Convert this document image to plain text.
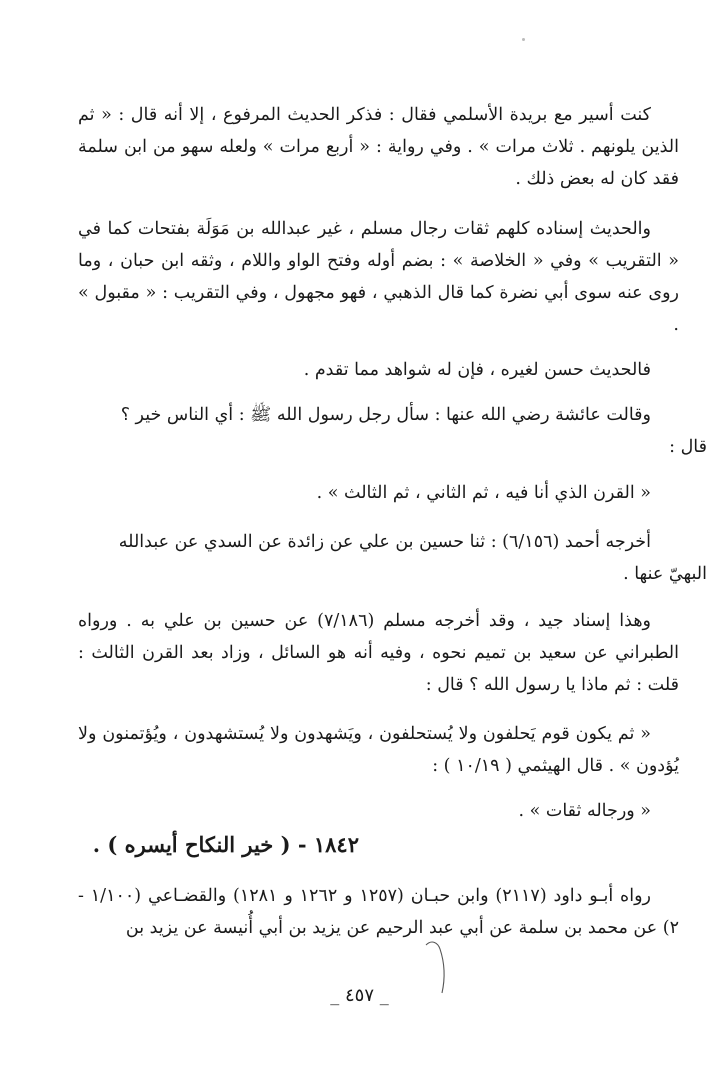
كنت أسير مع بريدة الأسلمي فقال : فذكر الحديث المرفوع ، إلا أنه قال : « ثم الذين يلونهم . ثلاث مرات » . وفي رواية : « أربع مرات » ولعله سهو من ابن سلمة فقد كان له بعض ذلك .

والحديث إسناده كلهم ثقات رجال مسلم ، غير عبدالله بن مَوَلَة بفتحات كما في « التقريب » وفي « الخلاصة » : بضم أوله وفتح الواو واللام ، وثقه ابن حبان ، وما روى عنه سوى أبي نضرة كما قال الذهبي ، فهو مجهول ، وفي التقريب : « مقبول » .

فالحديث حسن لغيره ، فإن له شواهد مما تقدم .

وقالت عائشة رضي الله عنها : سأل رجل رسول الله ﷺ : أي الناس خير ؟
قال :

« القرن الذي أنا فيه ، ثم الثاني ، ثم الثالث » .

أخرجه أحمد (٦/١٥٦) : ثنا حسين بن علي عن زائدة عن السدي عن عبدالله
البهيّ عنها .

وهذا إسناد جيد ، وقد أخرجه مسلم (٧/١٨٦) عن حسين بن علي به . ورواه الطبراني عن سعيد بن تميم نحوه ، وفيه أنه هو السائل ، وزاد بعد القرن الثالث : قلت : ثم ماذا يا رسول الله ؟ قال :

« ثم يكون قوم يَحلفون ولا يُستحلفون ، ويَشهدون ولا يُستشهدون ، ويُؤتمنون ولا يُؤدون » . قال الهيثمي ( ١٠/١٩ ) :

« ورجاله ثقات » .

١٨٤٢ - ( خير النكاح أيسره ) .

رواه أبـو داود (٢١١٧) وابن حبـان (١٢٥٧ و ١٢٦٢ و ١٢٨١) والقضـاعي (١/١٠٠ - ٢) عن محمد بن سلمة عن أبي عبد الرحيم عن يزيد بن أبي أُنيسة عن يزيد بن

_ ٤٥٧ _
